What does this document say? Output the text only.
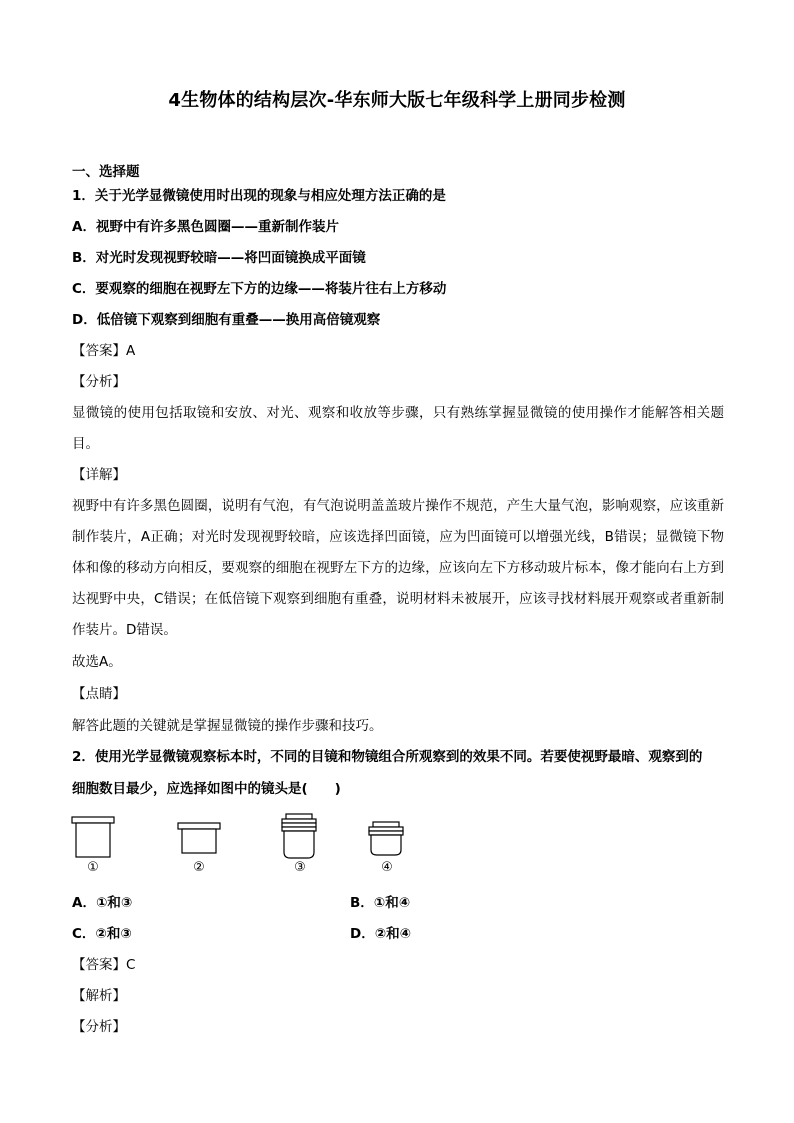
4生物体的结构层次-华东师大版七年级科学上册同步检测
一、选择题
1．关于光学显微镜使用时出现的现象与相应处理方法正确的是
A．视野中有许多黑色圆圈——重新制作装片
B．对光时发现视野较暗——将凹面镜换成平面镜
C．要观察的细胞在视野左下方的边缘——将装片往右上方移动
D．低倍镜下观察到细胞有重叠——换用高倍镜观察
【答案】A
【分析】
显微镜的使用包括取镜和安放、对光、观察和收放等步骤，只有熟练掌握显微镜的使用操作才能解答相关题目。
【详解】
视野中有许多黑色圆圈，说明有气泡，有气泡说明盖盖玻片操作不规范，产生大量气泡，影响观察，应该重新制作装片，A正确；对光时发现视野较暗，应该选择凹面镜，应为凹面镜可以增强光线，B错误；显微镜下物体和像的移动方向相反，要观察的细胞在视野左下方的边缘，应该向左下方移动玻片标本，像才能向右上方到达视野中央，C错误；在低倍镜下观察到细胞有重叠，说明材料未被展开，应该寻找材料展开观察或者重新制作装片。D错误。
故选A。
【点睛】
解答此题的关键就是掌握显微镜的操作步骤和技巧。
2．使用光学显微镜观察标本时，不同的目镜和物镜组合所观察到的效果不同。若要使视野最暗、观察到的
细胞数目最少，应选择如图中的镜头是(　　)
①	②	③	④
A．①和③	B．①和④
C．②和③	D．②和④
【答案】C
【解析】
【分析】
